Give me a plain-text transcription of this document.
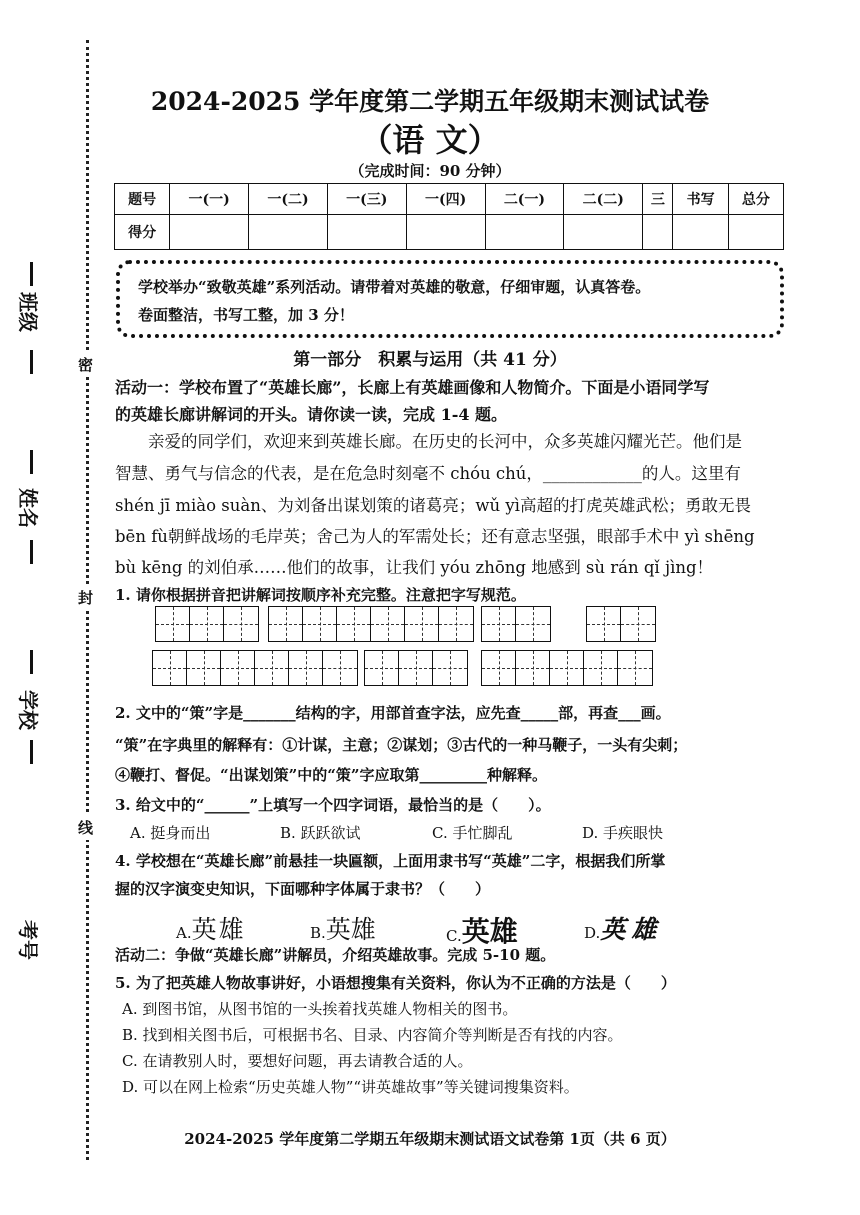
密
封
线
班级
姓名
学校
考号
2024-2025 学年度第二学期五年级期末测试试卷
（语 文）
（完成时间：90 分钟）
题号	一(一)	一(二)	一(三)	一(四)	二(一)	二(二)	三	书写	总分
得分									

学校举办“致敬英雄”系列活动。请带着对英雄的敬意，仔细审题，认真答卷。

卷面整洁，书写工整，加 3 分！

第一部分　积累与运用（共 41 分）
活动一：学校布置了“英雄长廊”，长廊上有英雄画像和人物简介。下面是小语同学写
的英雄长廊讲解词的开头。请你读一读，完成 1-4 题。
　　亲爱的同学们，欢迎来到英雄长廊。在历史的长河中，众多英雄闪耀光芒。他们是
智慧、勇气与信念的代表，是在危急时刻毫不 chóu chú，____________的人。这里有
shén jī miào suàn、为刘备出谋划策的诸葛亮；wǔ yì高超的打虎英雄武松；勇敢无畏
bēn fù朝鲜战场的毛岸英；舍己为人的军需处长；还有意志坚强，眼部手术中 yì shēng
bù kēng 的刘伯承……他们的故事，让我们 yóu zhōng 地感到 sù rán qǐ jìng！
1. 请你根据拼音把讲解词按顺序补充完整。注意把字写规范。
2. 文中的“策”字是_______结构的字，用部首查字法，应先查_____部，再查___画。
“策”在字典里的解释有：①计谋，主意；②谋划；③古代的一种马鞭子，一头有尖刺；
④鞭打、督促。“出谋划策”中的“策”字应取第_________种解释。
3. 给文中的“______”上填写一个四字词语，最恰当的是（　　）。
A. 挺身而出	B. 跃跃欲试	C. 手忙脚乱	D. 手疾眼快
4. 学校想在“英雄长廊”前悬挂一块匾额，上面用隶书写“英雄”二字，根据我们所掌
握的汉字演变史知识，下面哪种字体属于隶书？（　　）
A.英雄	B.英雄	C.英雄	D.英雄
活动二：争做“英雄长廊”讲解员，介绍英雄故事。完成 5-10 题。
5. 为了把英雄人物故事讲好，小语想搜集有关资料，你认为不正确的方法是（　　）
A. 到图书馆，从图书馆的一头挨着找英雄人物相关的图书。
B. 找到相关图书后，可根据书名、目录、内容简介等判断是否有找的内容。
C. 在请教别人时，要想好问题，再去请教合适的人。
D. 可以在网上检索“历史英雄人物”“讲英雄故事”等关键词搜集资料。
2024-2025 学年度第二学期五年级期末测试语文试卷第 1页（共 6 页）
